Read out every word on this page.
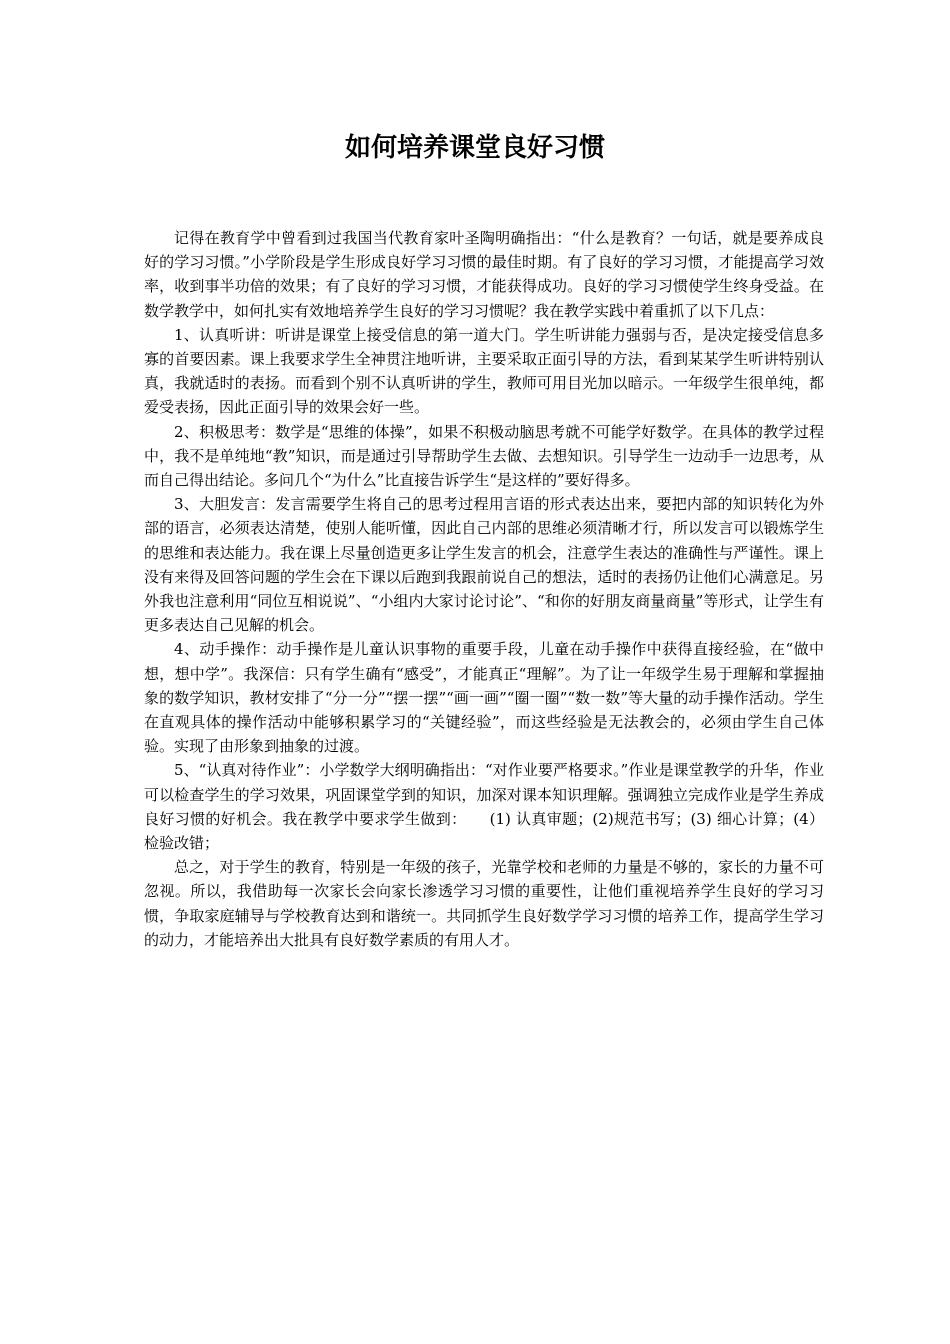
如何培养课堂良好习惯

记得在教育学中曾看到过我国当代教育家叶圣陶明确指出：“什么是教育？一句话，就是要养成良好的学习习惯。”小学阶段是学生形成良好学习习惯的最佳时期。有了良好的学习习惯，才能提高学习效率，收到事半功倍的效果；有了良好的学习习惯，才能获得成功。良好的学习习惯使学生终身受益。在数学教学中，如何扎实有效地培养学生良好的学习习惯呢？我在教学实践中着重抓了以下几点：

1、认真听讲：听讲是课堂上接受信息的第一道大门。学生听讲能力强弱与否，是决定接受信息多寡的首要因素。课上我要求学生全神贯注地听讲，主要采取正面引导的方法，看到某某学生听讲特别认真，我就适时的表扬。而看到个别不认真听讲的学生，教师可用目光加以暗示。一年级学生很单纯，都爱受表扬，因此正面引导的效果会好一些。

2、积极思考：数学是“思维的体操”，如果不积极动脑思考就不可能学好数学。在具体的教学过程中，我不是单纯地“教”知识，而是通过引导帮助学生去做、去想知识。引导学生一边动手一边思考，从而自己得出结论。多问几个“为什么”比直接告诉学生“是这样的”要好得多。

3、大胆发言：发言需要学生将自己的思考过程用言语的形式表达出来，要把内部的知识转化为外部的语言，必须表达清楚，使别人能听懂，因此自己内部的思维必须清晰才行，所以发言可以锻炼学生的思维和表达能力。我在课上尽量创造更多让学生发言的机会，注意学生表达的准确性与严谨性。课上没有来得及回答问题的学生会在下课以后跑到我跟前说自己的想法，适时的表扬仍让他们心满意足。另外我也注意利用“同位互相说说”、“小组内大家讨论讨论”、“和你的好朋友商量商量”等形式，让学生有更多表达自己见解的机会。

4、动手操作：动手操作是儿童认识事物的重要手段，儿童在动手操作中获得直接经验，在“做中想，想中学”。我深信：只有学生确有“感受”，才能真正“理解”。为了让一年级学生易于理解和掌握抽象的数学知识，教材安排了“分一分”“摆一摆”“画一画”“圈一圈”“数一数”等大量的动手操作活动。学生在直观具体的操作活动中能够积累学习的“关键经验”，而这些经验是无法教会的，必须由学生自己体验。实现了由形象到抽象的过渡。

5、“认真对待作业”：小学数学大纲明确指出：“对作业要严格要求。”作业是课堂教学的升华，作业可以检查学生的学习效果，巩固课堂学到的知识，加深对课本知识理解。强调独立完成作业是学生养成良好习惯的好机会。我在教学中要求学生做到：　　(1) 认真审题；(2)规范书写；(3) 细心计算；(4）检验改错；

总之，对于学生的教育，特别是一年级的孩子，光靠学校和老师的力量是不够的，家长的力量不可忽视。所以，我借助每一次家长会向家长渗透学习习惯的重要性，让他们重视培养学生良好的学习习惯，争取家庭辅导与学校教育达到和谐统一。共同抓学生良好数学学习习惯的培养工作，提高学生学习的动力，才能培养出大批具有良好数学素质的有用人才。
